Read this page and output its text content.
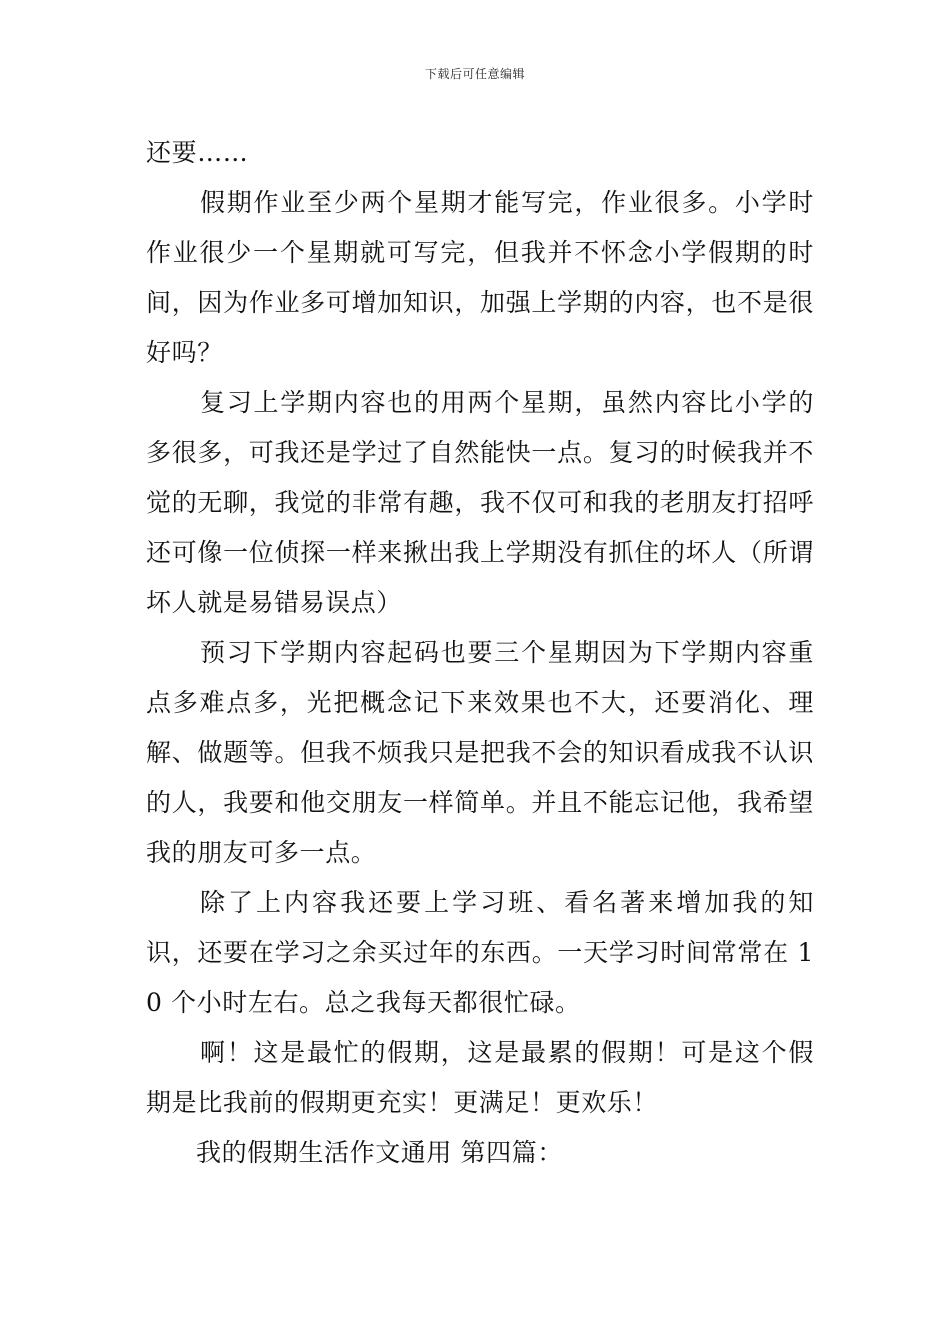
下载后可任意编辑

还要……

假期作业至少两个星期才能写完，作业很多。小学时作业很少一个星期就可写完，但我并不怀念小学假期的时间，因为作业多可增加知识，加强上学期的内容，也不是很好吗？

复习上学期内容也的用两个星期，虽然内容比小学的多很多，可我还是学过了自然能快一点。复习的时候我并不觉的无聊，我觉的非常有趣，我不仅可和我的老朋友打招呼还可像一位侦探一样来揪出我上学期没有抓住的坏人（所谓坏人就是易错易误点）

预习下学期内容起码也要三个星期因为下学期内容重点多难点多，光把概念记下来效果也不大，还要消化、理解、做题等。但我不烦我只是把我不会的知识看成我不认识的人，我要和他交朋友一样简单。并且不能忘记他，我希望我的朋友可多一点。

除了上内容我还要上学习班、看名著来增加我的知识，还要在学习之余买过年的东西。一天学习时间常常在 10 个小时左右。总之我每天都很忙碌。

啊！这是最忙的假期，这是最累的假期！可是这个假期是比我前的假期更充实！更满足！更欢乐！

我的假期生活作文通用 第四篇：
